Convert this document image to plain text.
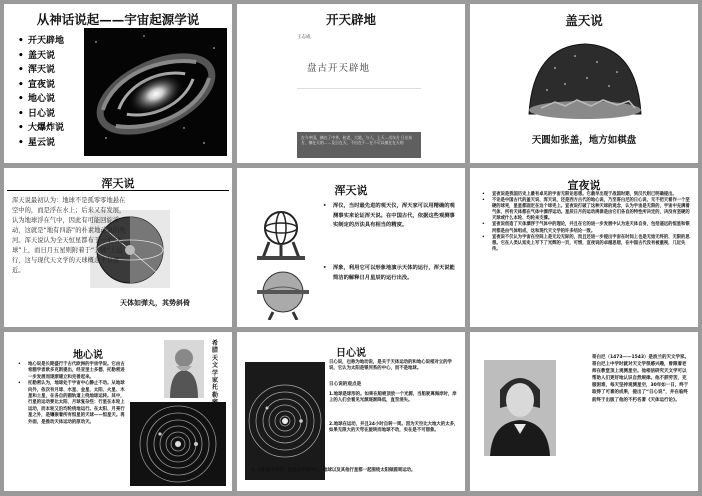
从神话说起——宇宙起源学说
• 开天辟地
• 盖天说
• 浑天说
• 宣夜说
• 地心说
• 日心说
• 大爆炸说
• 星云说
开天辟地
王志成
盘古开天辟地
在今中国，摘在了中华，粒老，大地，与人，上天…出东方 日出东方，摘在天的……及日在天，不出在不…在不可以被在在天的
盖天说
天圆如张盖，地方如棋盘
浑天说
浑天说最初认为：地球不是孤零零地悬在空中的，而是浮在水上；后来又有发展，认为地球浮在气中，因此有可能回旋浮动，这就是“地有四游”的朴素地动说的先河。浑天说认为全天恒星都布于一个“天球”上，而日月五星则附着于“天球”上运行，这与现代天文学的天球概念十分接近。
天体如弹丸，其势斜倚
浑天说
• 浑仪，当时最先进的观天仪，浑天家可以用精确的观测事实来论证浑天说。在中国古代，依据这些观测事实制定的历法具有相当的精度。
• 浑象，利用它可以形象地演示天体的运行，浑天说能简洁的解释日月星辰的运行出没。
宣夜说
• 宣夜说是我国历史上最有卓见的宇宙无限论思想。它最早出现于战国时期，到汉代则已明确提出。
• 不论是中国古代的盖天说、浑天说，还是西方古代的地心说，乃至哥白尼的日心说，无不把天看作一个坚硬的球壳，星星都固定在这个球壳上。宣夜说打破了这种天球的观念，认为宇宙是无限的，宇宙中充满着气体，所有天体都在气体中漂浮运动。星辰日月的运动规律是由它们各自的特性所决定的，决没有坚硬的天球或什么本轮、均轮来支撑。
• 宣夜说创造了天体漂浮于气体中的理论，并且在它的进一步发展中认为连天体自身，包括遥远的恒星和银河都是由气体组成，这和现代天文学的许多结论一致。
• 宣夜说不仅认为宇宙在空间上是无边无际的，而且还进一步提出宇宙在时间上也是无始无终的、无限的思想。它在人类认知史上写下了光辉的一页，可惜，宣夜说的卓越思想，在中国古代没有被重视，几近失传。
地心说
• 地心说是长期盛行于古代欧洲的宇宙学说。它由古希腊学者欧多克斯提出，经亚里士多德、托勒密进一步发展而逐渐建立和完善起来。
• 托勒密认为，地球处于宇宙中心静止不动。从地球向外，依次有月球、水星、金星、太阳、火星、木星和土星，在各自的圆轨道上绕地球运转。其中，行星的运动要比太阳、月球复杂些：行星在本轮上运动，而本轮又沿均轮绕地运行。在太阳、月亮行星之外，是镶嵌着所有恒星的天球——恒星天。再外面，是推动天体运动的原动天。
希腊天文学家托勒
日心说
日心说，也称为地动说，是关于天体运动的和地心说相对立的学说，它认为太阳是银河系的中心，而不是地球。
日心说的观点是
1.地球是球形的。如果在船桅顶放一个光源，当船驶离海岸时，岸上的人们会看见光源逐渐降低，直至消失。
2.地球在运动，并且24小时自转一周。因为天空比大地大的太多，如果无限大的天穹在旋转而地球不动，实在是不可想象。
3. 太阳是不动的，而且在宇宙中心，地球以及其他行星都一起围绕太阳做圆周运动。
哥白尼（1473——1543）是波兰的天文学家。哥白尼上中学时就对天文学很感兴趣，曾跟着老师在教堂顶上观测星空。他相信研究天文学可以帮助人们更好地认识自然规律。他不辞劳苦，克服困难，每天坚持观测星空，30年如一日，终于取得了可喜的成果，提出了“日心说”，并在临终前终于出版了他的不朽名著《天体运行论》。
